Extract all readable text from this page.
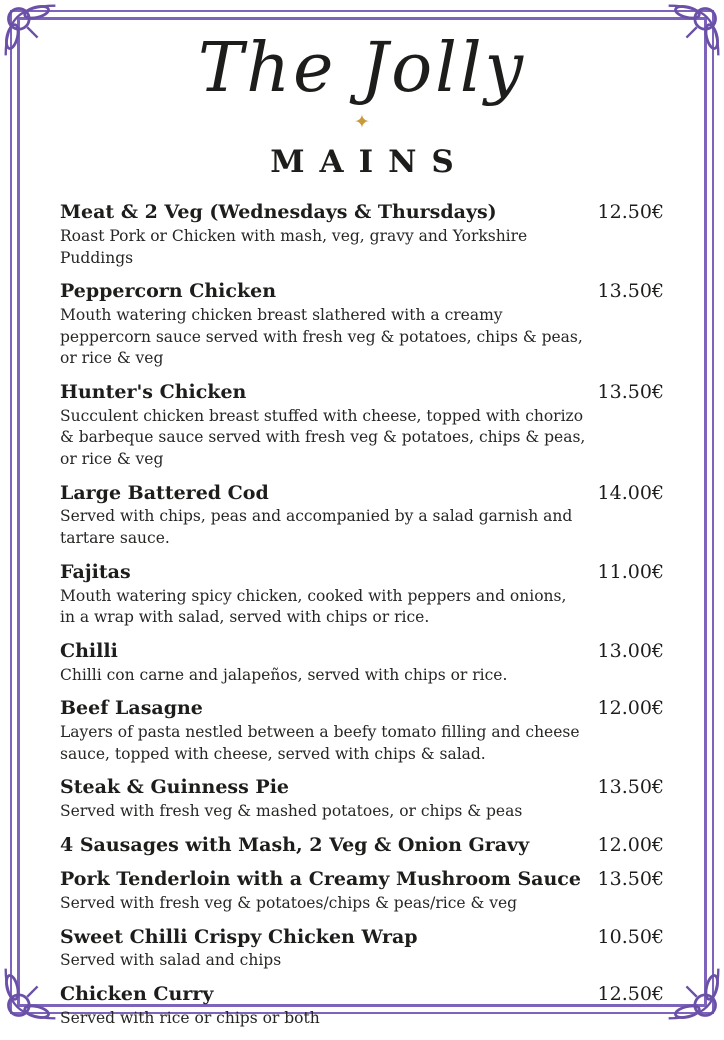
The Jolly
✦
MAINS
Meat & 2 Veg (Wednesdays & Thursdays)
Roast Pork or Chicken with mash, veg, gravy and Yorkshire Puddings
12.50€
Peppercorn Chicken
Mouth watering chicken breast slathered with a creamy peppercorn sauce served with fresh veg & potatoes, chips & peas, or rice & veg
13.50€
Hunter's Chicken
Succulent chicken breast stuffed with cheese, topped with chorizo & barbeque sauce served with fresh veg & potatoes, chips & peas, or rice & veg
13.50€
Large Battered Cod
Served with chips, peas and accompanied by a salad garnish and tartare sauce.
14.00€
Fajitas
Mouth watering spicy chicken, cooked with peppers and onions, in a wrap with salad, served with chips or rice.
11.00€
Chilli
Chilli con carne and jalapeños, served with chips or rice.
13.00€
Beef Lasagne
Layers of pasta nestled between a beefy tomato filling and cheese sauce, topped with cheese, served with chips & salad.
12.00€
Steak & Guinness Pie
Served with fresh veg & mashed potatoes, or chips & peas
13.50€
4 Sausages with Mash, 2 Veg & Onion Gravy	12.00€
Pork Tenderloin with a Creamy Mushroom Sauce
Served with fresh veg & potatoes/chips & peas/rice & veg
13.50€
Sweet Chilli Crispy Chicken Wrap
Served with salad and chips
10.50€
Chicken Curry
Served with rice or chips or both
12.50€
